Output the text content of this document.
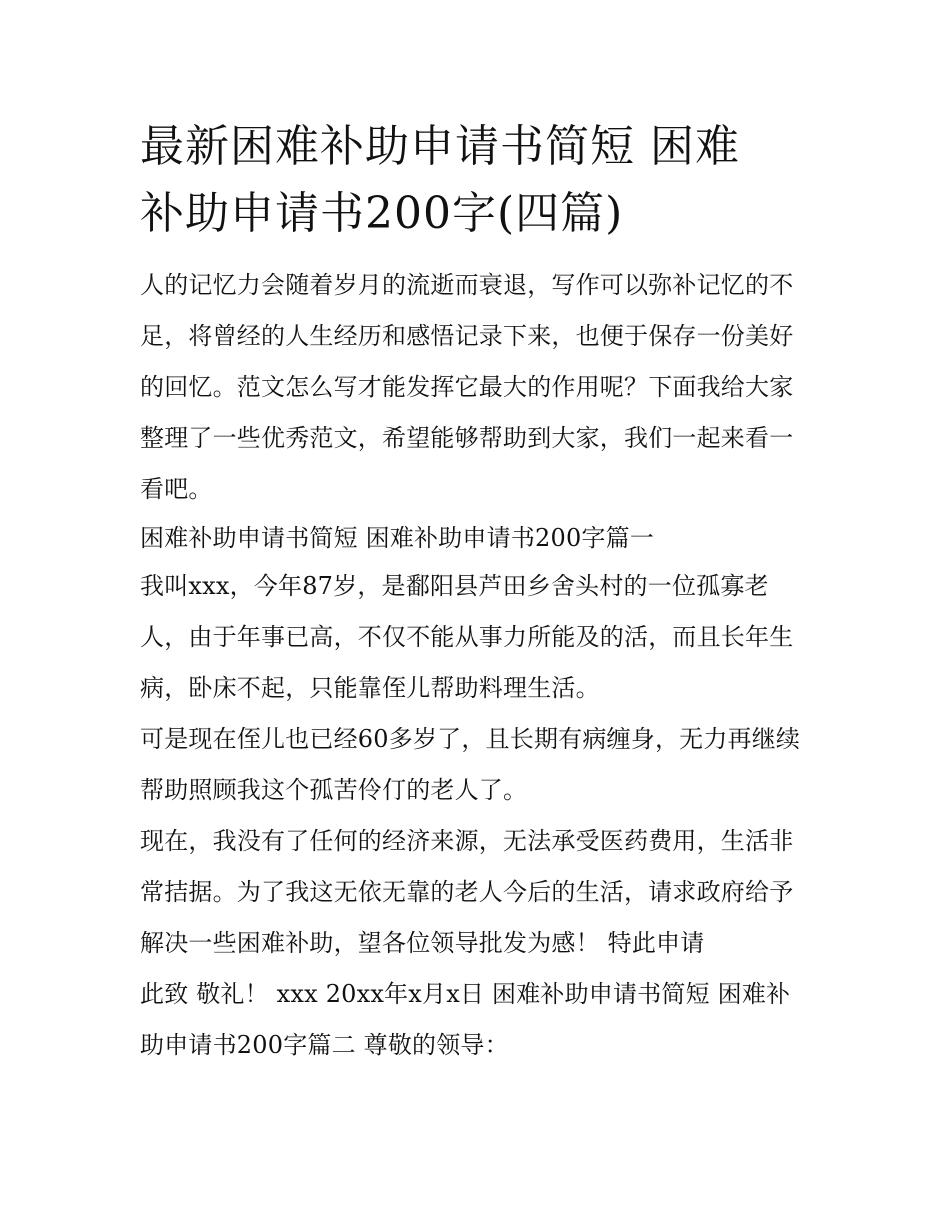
最新困难补助申请书简短 困难
补助申请书200字(四篇)

人的记忆力会随着岁月的流逝而衰退，写作可以弥补记忆的不足，将曾经的人生经历和感悟记录下来，也便于保存一份美好的回忆。范文怎么写才能发挥它最大的作用呢？下面我给大家整理了一些优秀范文，希望能够帮助到大家，我们一起来看一看吧。

困难补助申请书简短 困难补助申请书200字篇一

我叫xxx，今年87岁，是鄱阳县芦田乡舍头村的一位孤寡老人，由于年事已高，不仅不能从事力所能及的活，而且长年生病，卧床不起，只能靠侄儿帮助料理生活。

可是现在侄儿也已经60多岁了，且长期有病缠身，无力再继续帮助照顾我这个孤苦伶仃的老人了。

现在，我没有了任何的经济来源，无法承受医药费用，生活非常拮据。为了我这无依无靠的老人今后的生活，请求政府给予解决一些困难补助，望各位领导批发为感！ 特此申请

此致 敬礼！ xxx 20xx年x月x日 困难补助申请书简短 困难补助申请书200字篇二 尊敬的领导：
